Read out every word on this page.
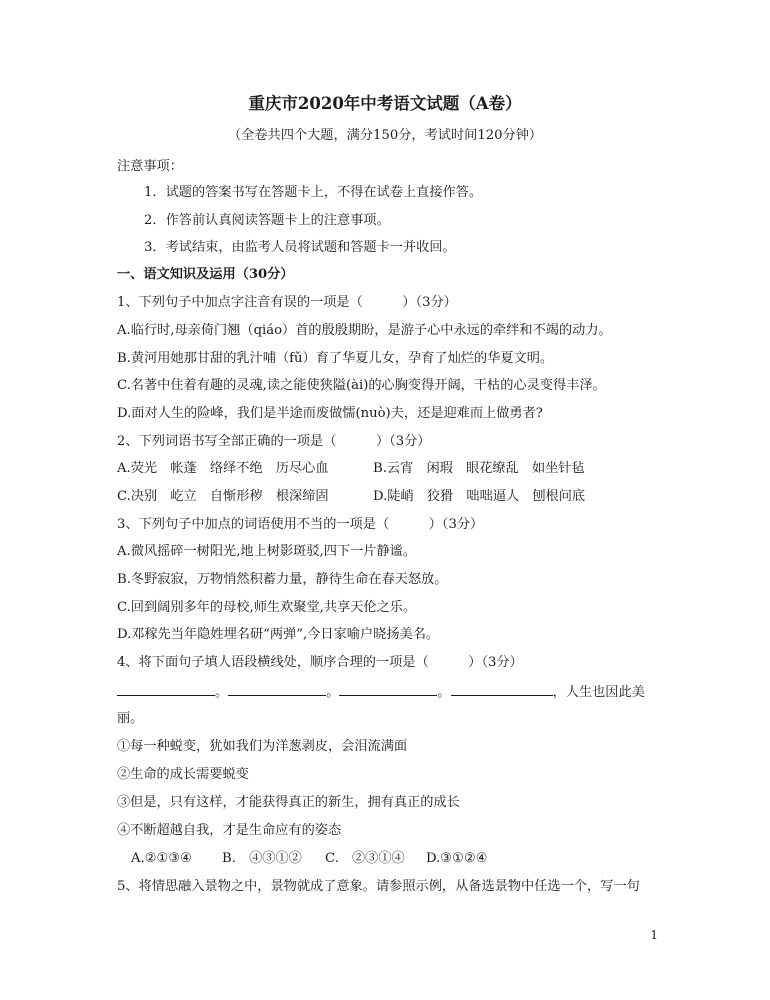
重庆市2020年中考语文试题（A卷）
（全卷共四个大题，满分150分，考试时间120分钟）
注意事项：
1．试题的答案书写在答题卡上，不得在试卷上直接作答。
2．作答前认真阅读答题卡上的注意事项。
3．考试结束，由监考人员将试题和答题卡一并收回。
一、语文知识及运用（30分）
1、下列句子中加点字注音有误的一项是（　　　）（3分）
A.临行时,母亲倚门翘（qiáo）首的殷殷期盼，是游子心中永远的牵绊和不竭的动力。
B.黄河用她那甘甜的乳汁哺（fǔ）育了华夏儿女，孕育了灿烂的华夏文明。
C.名著中住着有趣的灵魂,读之能使狭隘(ài)的心胸变得开阔，干枯的心灵变得丰泽。
D.面对人生的险峰，我们是半途而废做懦(nuò)夫，还是迎难而上做勇者?
2、下列词语书写全部正确的一项是（　　　）（3分）
A.荧光　帐蓬　络绎不绝　历尽心血	B.云宵　闲瑕　眼花缭乱　如坐针毡
C.决别　屹立　自惭形秽　根深缔固	D.陡峭　狡猾　咄咄逼人　刨根问底
3、下列句子中加点的词语使用不当的一项是（　　　）（3分）
A.微风摇碎一树阳光,地上树影斑驳,四下一片静谧。
B.冬野寂寂，万物悄然积蓄力量，静待生命在春天怒放。
C.回到阔别多年的母校,师生欢聚堂,共享天伦之乐。
D.邓稼先当年隐姓埋名研“两弹”,今日家喻户晓扬美名。
4、将下面句子填人语段横线处，顺序合理的一项是（　　　）（3分）
。	。	。	，人生也因此美
丽。
①每一种蜕变，犹如我们为洋葱剥皮，会泪流满面
②生命的成长需要蜕变
③但是，只有这样，才能获得真正的新生，拥有真正的成长
④不断超越自我，才是生命应有的姿态
A.②①③④ B.　④③①② C.　②③①④ D.③①②④
5、将情思融入景物之中，景物就成了意象。请参照示例，从备选景物中任选一个，写一句
1
